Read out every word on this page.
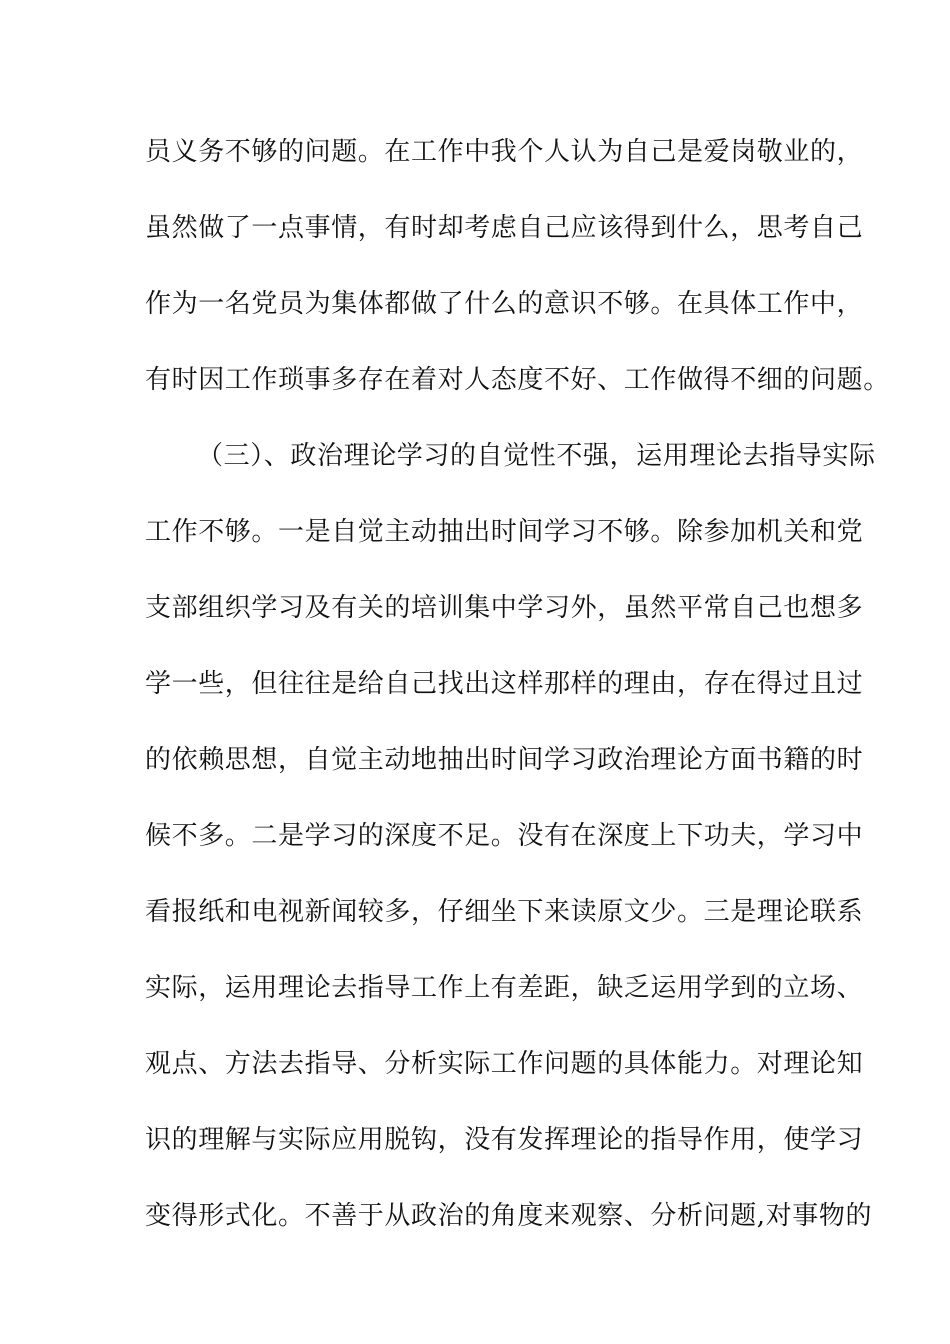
员义务不够的问题。在工作中我个人认为自己是爱岗敬业的，
虽然做了一点事情，有时却考虑自己应该得到什么，思考自己
作为一名党员为集体都做了什么的意识不够。在具体工作中，
有时因工作琐事多存在着对人态度不好、工作做得不细的问题。
（三）、政治理论学习的自觉性不强，运用理论去指导实际
工作不够。一是自觉主动抽出时间学习不够。除参加机关和党
支部组织学习及有关的培训集中学习外，虽然平常自己也想多
学一些，但往往是给自己找出这样那样的理由，存在得过且过
的依赖思想，自觉主动地抽出时间学习政治理论方面书籍的时
候不多。二是学习的深度不足。没有在深度上下功夫，学习中
看报纸和电视新闻较多，仔细坐下来读原文少。三是理论联系
实际，运用理论去指导工作上有差距，缺乏运用学到的立场、
观点、方法去指导、分析实际工作问题的具体能力。对理论知
识的理解与实际应用脱钩，没有发挥理论的指导作用，使学习
变得形式化。不善于从政治的角度来观察、分析问题,对事物的
